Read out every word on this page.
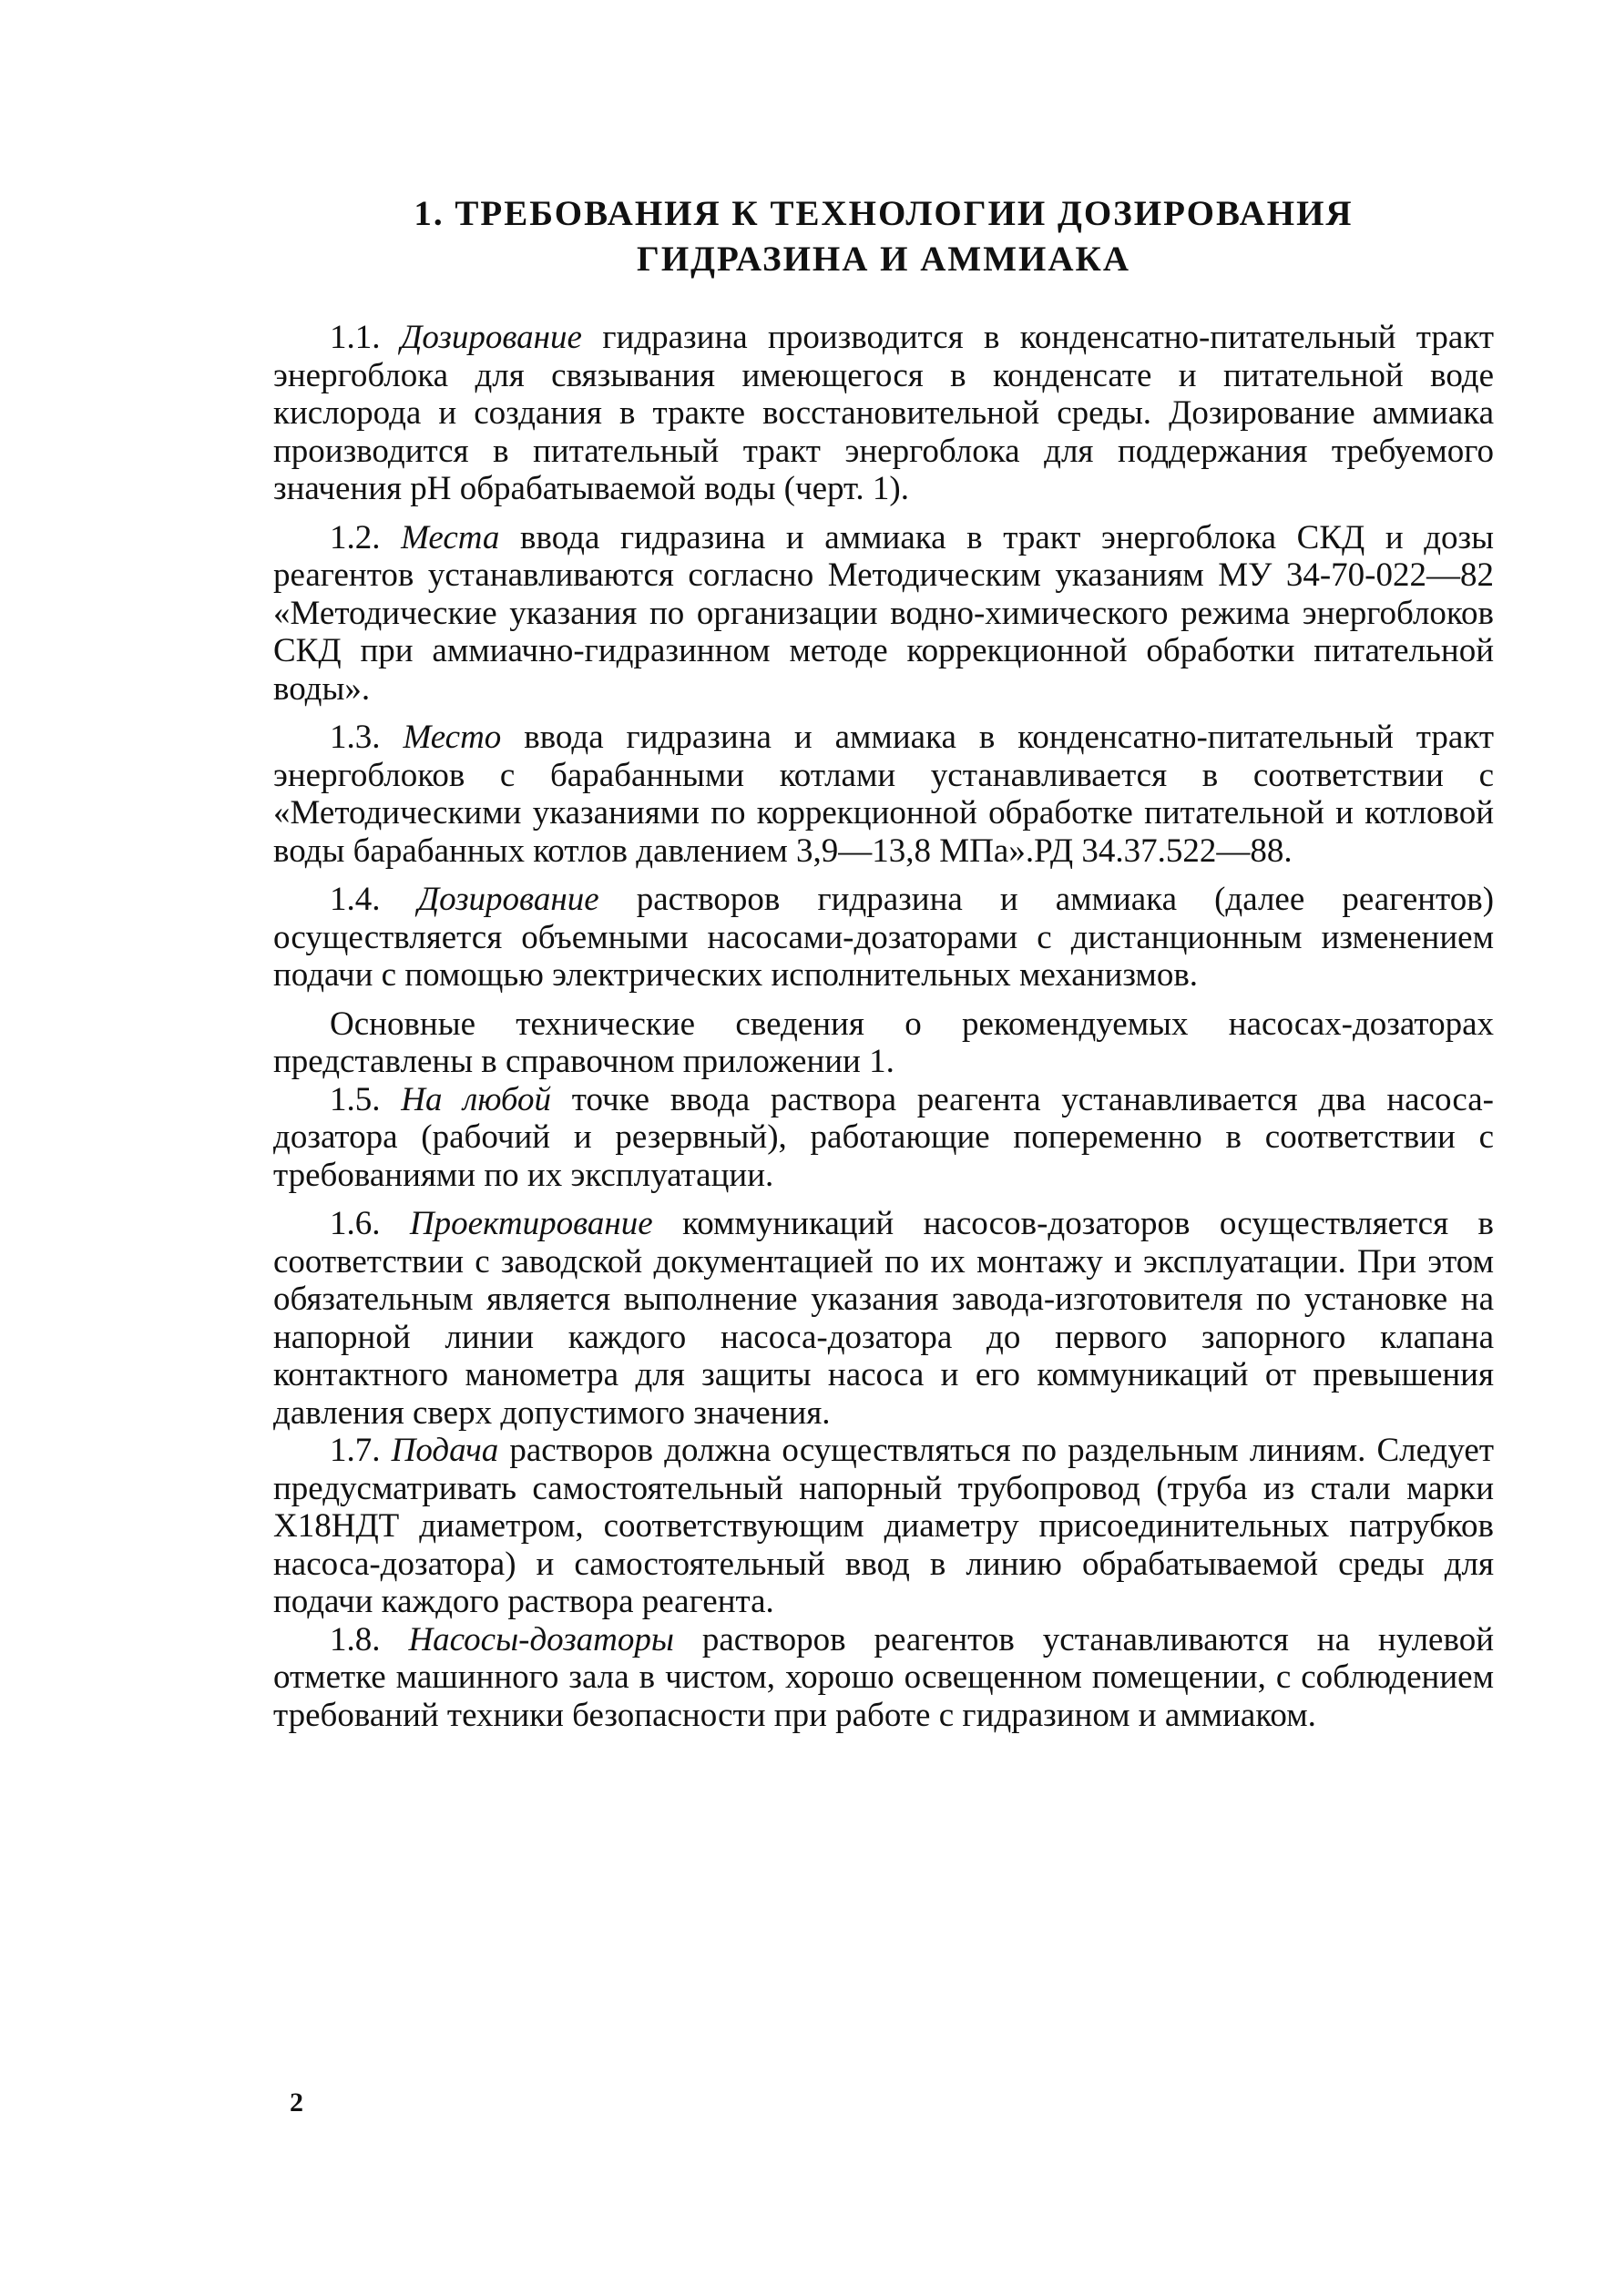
1. ТРЕБОВАНИЯ К ТЕХНОЛОГИИ ДОЗИРОВАНИЯ
ГИДРАЗИНА И АММИАКА

1.1. Дозирование гидразина производится в конденсатно-питательный тракт энергоблока для связывания имеющегося в конденсате и питательной воде кислорода и создания в тракте восстановительной среды. Дозирование аммиака производится в питательный тракт энергоблока для поддержания требуемого значения pH обрабатываемой воды (черт. 1).

1.2. Места ввода гидразина и аммиака в тракт энергоблока СКД и дозы реагентов устанавливаются согласно Методическим указаниям МУ 34-70-022—82 «Методические указания по организации водно-химического режима энергоблоков СКД при аммиачно-гидразинном методе коррекционной обработки питательной воды».

1.3. Место ввода гидразина и аммиака в конденсатно-питательный тракт энергоблоков с барабанными котлами устанавливается в соответствии с «Методическими указаниями по коррекционной обработке питательной и котловой воды барабанных котлов давлением 3,9—13,8 МПа».РД 34.37.522—88.

1.4. Дозирование растворов гидразина и аммиака (далее реагентов) осуществляется объемными насосами-дозаторами с дистанционным изменением подачи с помощью электрических исполнительных механизмов.

Основные технические сведения о рекомендуемых насосах-дозаторах представлены в справочном приложении 1.

1.5. На любой точке ввода раствора реагента устанавливается два насоса-дозатора (рабочий и резервный), работающие попеременно в соответствии с требованиями по их эксплуатации.

1.6. Проектирование коммуникаций насосов-дозаторов осуществляется в соответствии с заводской документацией по их монтажу и эксплуатации. При этом обязательным является выполнение указания завода-изготовителя по установке на напорной линии каждого насоса-дозатора до первого запорного клапана контактного манометра для защиты насоса и его коммуникаций от превышения давления сверх допустимого значения.

1.7. Подача растворов должна осуществляться по раздельным линиям. Следует предусматривать самостоятельный напорный трубопровод (труба из стали марки Х18НДТ диаметром, соответствующим диаметру присоединительных патрубков насоса-дозатора) и самостоятельный ввод в линию обрабатываемой среды для подачи каждого раствора реагента.

1.8. Насосы-дозаторы растворов реагентов устанавливаются на нулевой отметке машинного зала в чистом, хорошо освещенном помещении, с соблюдением требований техники безопасности при работе с гидразином и аммиаком.

2
